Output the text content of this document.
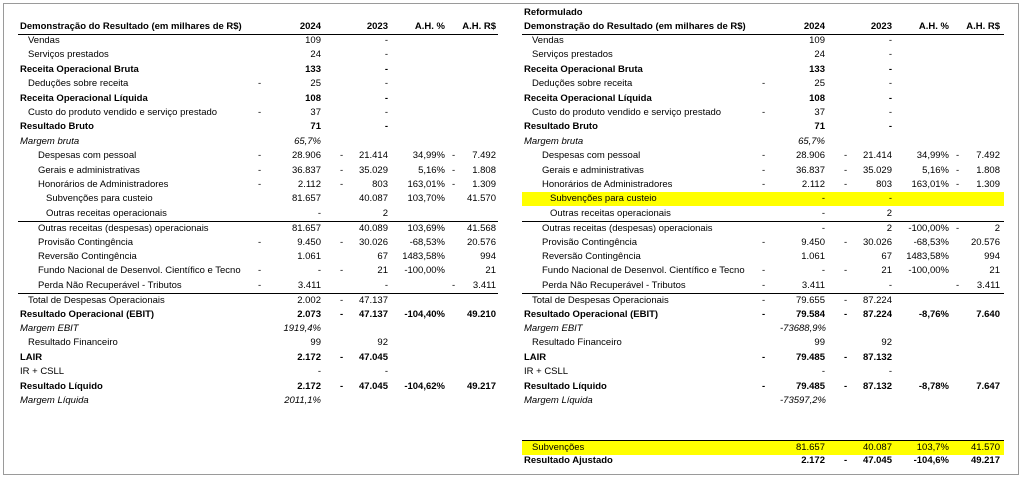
Demonstração do Resultado (em milhares de R$)	2024	2023	A.H. %	A.H. R$
Vendas	109	-
Serviços prestados	24	-
Receita Operacional Bruta	133	-
Deduções sobre receita	-	25	-
Receita Operacional Líquida	108	-
Custo do produto vendido e serviço prestado	-	37	-
Resultado Bruto	71	-
Margem bruta	65,7%
Despesas com pessoal	-	28.906 -	21.414	34,99% -	7.492
Gerais e administrativas	-	36.837 -	35.029	5,16% -	1.808
Honorários de Administradores	-	2.112 -	803	163,01% -	1.309
Subvenções para custeio	81.657	40.087	103,70%	41.570
Outras receitas operacionais	-	2
Outras receitas (despesas) operacionais	81.657	40.089	103,69%	41.568
Provisão Contingência	-	9.450 -	30.026	-68,53%	20.576
Reversão Contingência	1.061	67 1483,58%	994
Fundo Nacional de Desenvol. Científico e Tecno -	- -	21	-100,00%	21
Perda Não Recuperável - Tributos	-	3.411	-	-	3.411
Total de Despesas Operacionais	2.002 -	47.137
Resultado Operacional (EBIT)	2.073 -	47.137	-104,40%	49.210
Margem EBIT	1919,4%
Resultado Financeiro	99	92
LAIR	2.172 -	47.045
IR + CSLL	-	-
Resultado Líquido	2.172 -	47.045	-104,62%	49.217
Margem Líquida	2011,1%
Reformulado
Demonstração do Resultado (em milhares de R$)	2024	2023	A.H. %	A.H. R$
Vendas	109	-
Serviços prestados	24	-
Receita Operacional Bruta	133	-
Deduções sobre receita	-	25	-
Receita Operacional Líquida	108	-
Custo do produto vendido e serviço prestado	-	37	-
Resultado Bruto	71	-
Margem bruta	65,7%
Despesas com pessoal	-	28.906 -	21.414	34,99% -	7.492
Gerais e administrativas	-	36.837 -	35.029	5,16% -	1.808
Honorários de Administradores	-	2.112 -	803	163,01% -	1.309
Subvenções para custeio	-	-
Outras receitas operacionais	-	2
Outras receitas (despesas) operacionais	-	2	-100,00% -	2
Provisão Contingência	-	9.450 -	30.026	-68,53%	20.576
Reversão Contingência	1.061	67 1483,58%	994
Fundo Nacional de Desenvol. Científico e Tecno -	- -	21	-100,00%	21
Perda Não Recuperável - Tributos	-	3.411	-	-	3.411
Total de Despesas Operacionais	-	79.655 -	87.224
Resultado Operacional (EBIT)	-	79.584 -	87.224	-8,76%	7.640
Margem EBIT	-73688,9%
Resultado Financeiro	99	92
LAIR	-	79.485 -	87.132
IR + CSLL	-	-
Resultado Líquido	-	79.485 -	87.132	-8,78%	7.647
Margem Líquida	-73597,2%
Subvenções	81.657	40.087	103,7%	41.570
Resultado Ajustado	2.172 -	47.045	-104,6%	49.217
